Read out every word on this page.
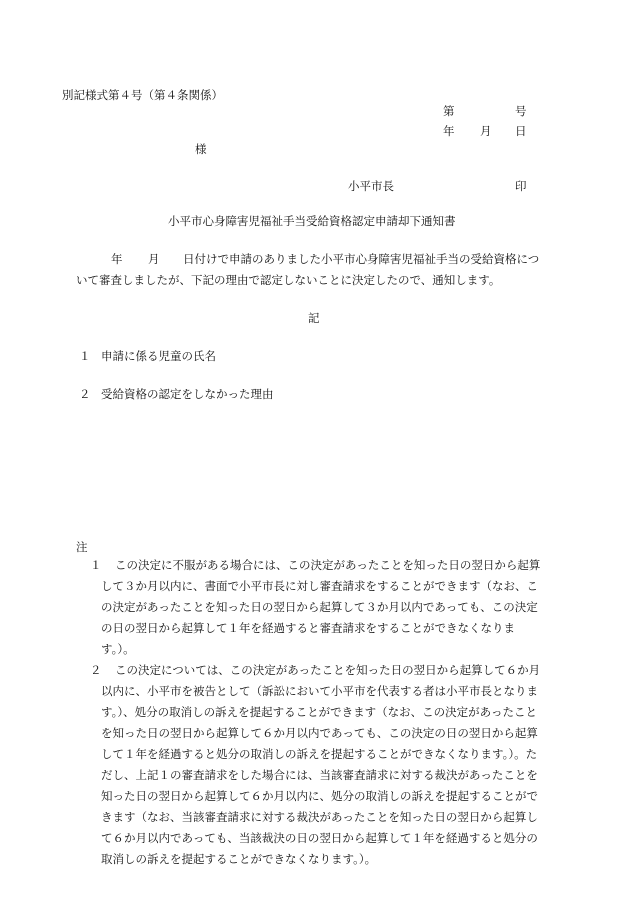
別記様式第４号（第４条関係）
第	号
年 月 日
様
小平市長	印
小平市心身障害児福祉手当受給資格認定申請却下通知書
年 月 日付けで申請のありました小平市心身障害児福祉手当の受給資格につ
いて審査しましたが、下記の理由で認定しないことに決定したので、通知します。
記
１ 申請に係る児童の氏名
２ 受給資格の認定をしなかった理由
注
１ この決定に不服がある場合には、この決定があったことを知った日の翌日から起算
して３か月以内に、書面で小平市長に対し審査請求をすることができます（なお、こ
の決定があったことを知った日の翌日から起算して３か月以内であっても、この決定
の日の翌日から起算して１年を経過すると審査請求をすることができなくなりま
す。）。
２ この決定については、この決定があったことを知った日の翌日から起算して６か月
以内に、小平市を被告として（訴訟において小平市を代表する者は小平市長となりま
す。）、処分の取消しの訴えを提起することができます（なお、この決定があったこと
を知った日の翌日から起算して６か月以内であっても、この決定の日の翌日から起算
して１年を経過すると処分の取消しの訴えを提起することができなくなります。）。た
だし、上記１の審査請求をした場合には、当該審査請求に対する裁決があったことを
知った日の翌日から起算して６か月以内に、処分の取消しの訴えを提起することがで
きます（なお、当該審査請求に対する裁決があったことを知った日の翌日から起算し
て６か月以内であっても、当該裁決の日の翌日から起算して１年を経過すると処分の
取消しの訴えを提起することができなくなります。）。
